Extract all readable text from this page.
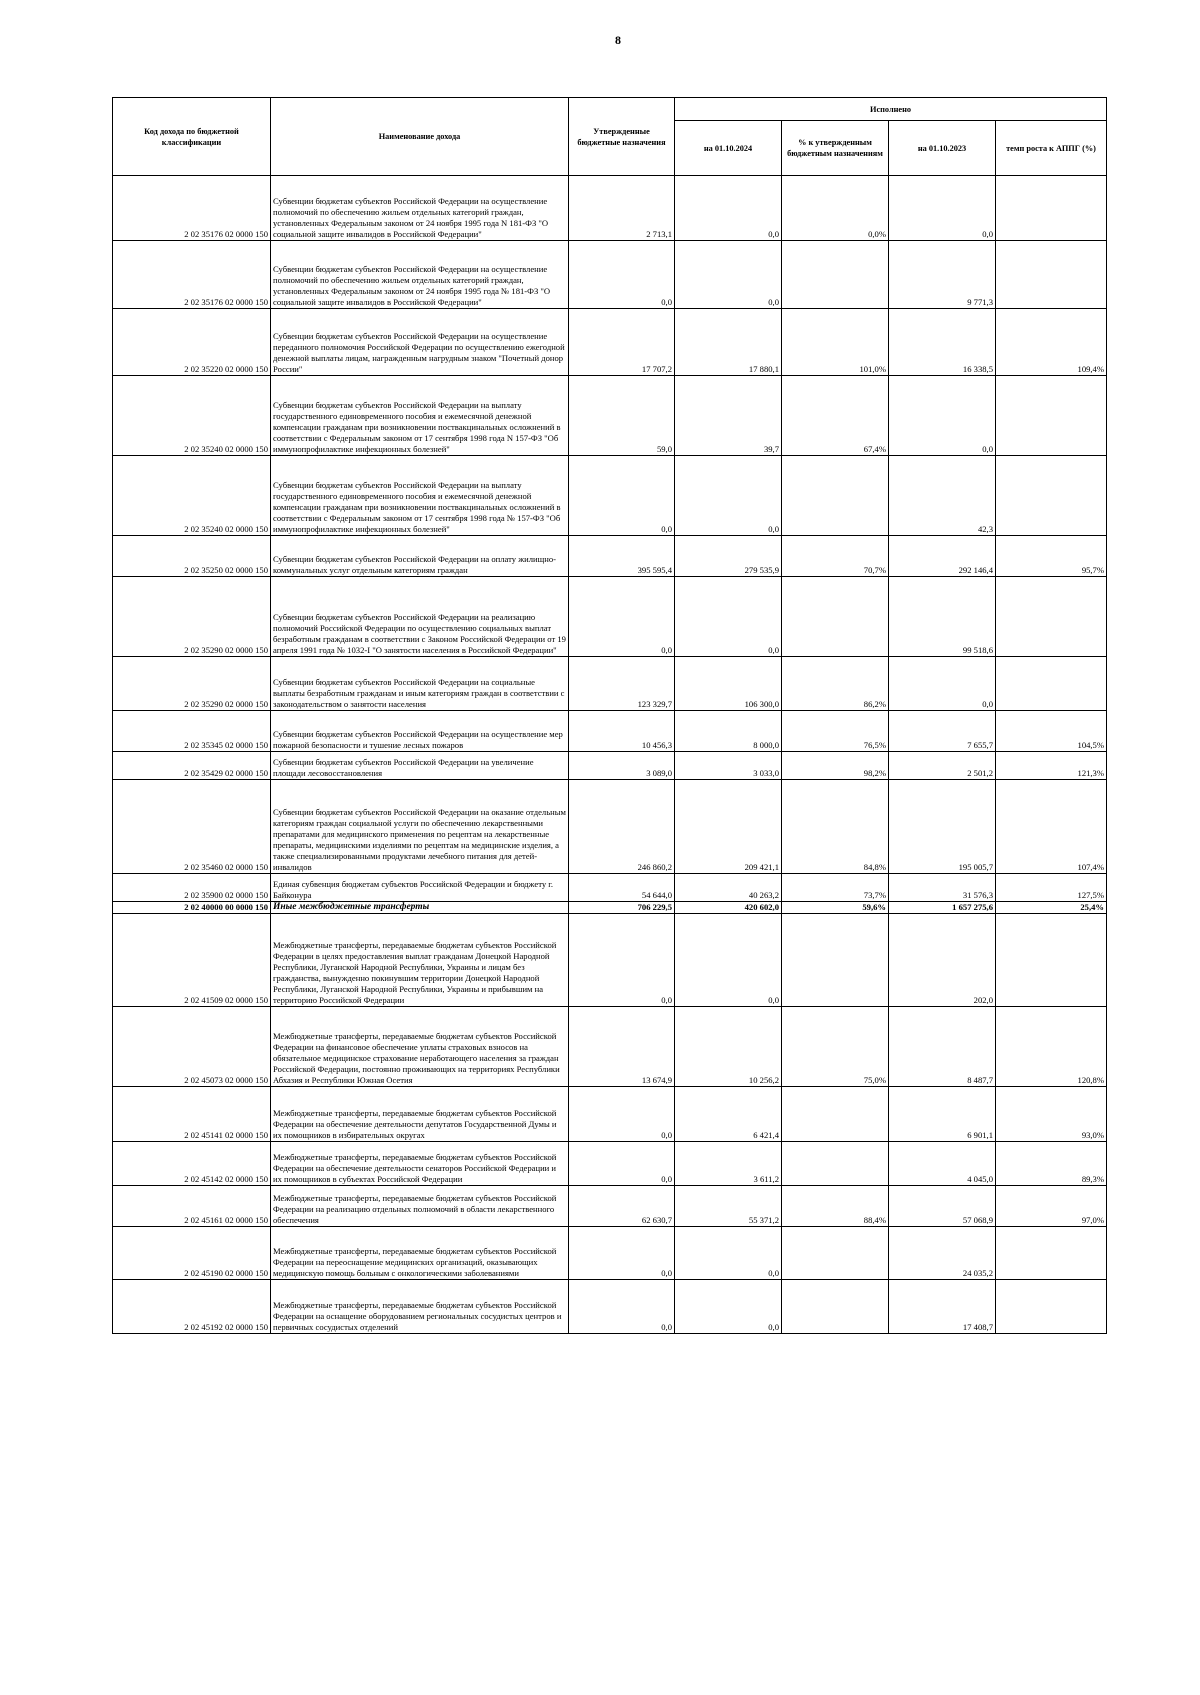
8
Код дохода по бюджетной классификации	Наименование дохода	Утвержденные бюджетные назначения	Исполнено			
			на 01.10.2024	% к утвержденным бюджетным назначениям	на 01.10.2023	темп роста к АППГ (%)
2 02 35176 02 0000 150	Субвенции бюджетам субъектов Российской Федерации на осуществление полномочий по обеспечению жильем отдельных категорий граждан, установленных Федеральным законом от 24 ноября 1995 года N 181-ФЗ "О социальной защите инвалидов в Российской Федерации"	2 713,1	0,0	0,0%	0,0	
2 02 35176 02 0000 150	Субвенции бюджетам субъектов Российской Федерации на осуществление полномочий по обеспечению жильем отдельных категорий граждан, установленных Федеральным законом от 24 ноября 1995 года № 181-ФЗ "О социальной защите инвалидов в Российской Федерации"	0,0	0,0		9 771,3	
2 02 35220 02 0000 150	Субвенции бюджетам субъектов Российской Федерации на осуществление переданного полномочия Российской Федерации по осуществлению ежегодной денежной выплаты лицам, награжденным нагрудным знаком "Почетный донор России"	17 707,2	17 880,1	101,0%	16 338,5	109,4%
2 02 35240 02 0000 150	Субвенции бюджетам субъектов Российской Федерации на выплату государственного единовременного пособия и ежемесячной денежной компенсации гражданам при возникновении поствакцинальных осложнений в соответствии с Федеральным законом от 17 сентября 1998 года N 157-ФЗ "Об иммунопрофилактике инфекционных болезней"	59,0	39,7	67,4%	0,0	
2 02 35240 02 0000 150	Субвенции бюджетам субъектов Российской Федерации на выплату государственного единовременного пособия и ежемесячной денежной компенсации гражданам при возникновении поствакцинальных осложнений в соответствии с Федеральным законом от 17 сентября 1998 года № 157-ФЗ "Об иммунопрофилактике инфекционных болезней"	0,0	0,0		42,3	
2 02 35250 02 0000 150	Субвенции бюджетам субъектов Российской Федерации на оплату жилищно-коммунальных услуг отдельным категориям граждан	395 595,4	279 535,9	70,7%	292 146,4	95,7%
2 02 35290 02 0000 150	Субвенции бюджетам субъектов Российской Федерации на реализацию полномочий Российской Федерации по осуществлению социальных выплат безработным гражданам в соответствии с Законом Российской Федерации от 19 апреля 1991 года № 1032-I "О занятости населения в Российской Федерации"	0,0	0,0		99 518,6	
2 02 35290 02 0000 150	Субвенции бюджетам субъектов Российской Федерации на социальные выплаты безработным гражданам и иным категориям граждан в соответствии с законодательством о занятости населения	123 329,7	106 300,0	86,2%	0,0	
2 02 35345 02 0000 150	Субвенции бюджетам субъектов Российской Федерации на осуществление мер пожарной безопасности и тушение лесных пожаров	10 456,3	8 000,0	76,5%	7 655,7	104,5%
2 02 35429 02 0000 150	Субвенции бюджетам субъектов Российской Федерации на увеличение площади лесовосстановления	3 089,0	3 033,0	98,2%	2 501,2	121,3%
2 02 35460 02 0000 150	Субвенции бюджетам субъектов Российской Федерации на оказание отдельным категориям граждан социальной услуги по обеспечению лекарственными препаратами для медицинского применения по рецептам на лекарственные препараты, медицинскими изделиями по рецептам на медицинские изделия, а также специализированными продуктами лечебного питания для детей-инвалидов	246 860,2	209 421,1	84,8%	195 005,7	107,4%
2 02 35900 02 0000 150	Единая субвенция бюджетам субъектов Российской Федерации и бюджету г. Байконура	54 644,0	40 263,2	73,7%	31 576,3	127,5%
2 02 40000 00 0000 150	Иные межбюджетные трансферты	706 229,5	420 602,0	59,6%	1 657 275,6	25,4%
2 02 41509 02 0000 150	Межбюджетные трансферты, передаваемые бюджетам субъектов Российской Федерации в целях предоставления выплат гражданам Донецкой Народной Республики, Луганской Народной Республики, Украины и лицам без гражданства, вынужденно покинувшим территории Донецкой Народной Республики, Луганской Народной Республики, Украины и прибывшим на территорию Российской Федерации	0,0	0,0		202,0	
2 02 45073 02 0000 150	Межбюджетные трансферты, передаваемые бюджетам субъектов Российской Федерации на финансовое обеспечение уплаты страховых взносов на обязательное медицинское страхование неработающего населения за граждан Российской Федерации, постоянно проживающих на территориях Республики Абхазия и Республики Южная Осетия	13 674,9	10 256,2	75,0%	8 487,7	120,8%
2 02 45141 02 0000 150	Межбюджетные трансферты, передаваемые бюджетам субъектов Российской Федерации на обеспечение деятельности депутатов Государственной Думы и их помощников в избирательных округах	0,0	6 421,4		6 901,1	93,0%
2 02 45142 02 0000 150	Межбюджетные трансферты, передаваемые бюджетам субъектов Российской Федерации на обеспечение деятельности сенаторов Российской Федерации и их помощников в субъектах Российской Федерации	0,0	3 611,2		4 045,0	89,3%
2 02 45161 02 0000 150	Межбюджетные трансферты, передаваемые бюджетам субъектов Российской Федерации на реализацию отдельных полномочий в области лекарственного обеспечения	62 630,7	55 371,2	88,4%	57 068,9	97,0%
2 02 45190 02 0000 150	Межбюджетные трансферты, передаваемые бюджетам субъектов Российской Федерации на переоснащение медицинских организаций, оказывающих медицинскую помощь больным с онкологическими заболеваниями	0,0	0,0		24 035,2	
2 02 45192 02 0000 150	Межбюджетные трансферты, передаваемые бюджетам субъектов Российской Федерации на оснащение оборудованием региональных сосудистых центров и первичных сосудистых отделений	0,0	0,0		17 408,7	
